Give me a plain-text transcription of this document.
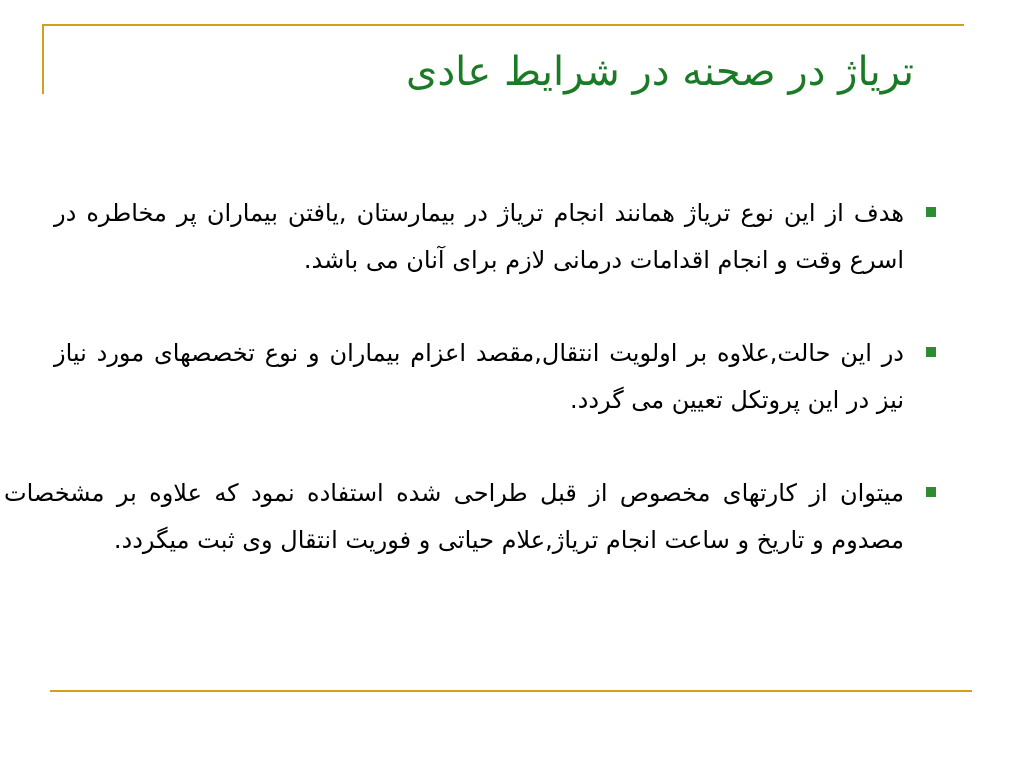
تریاژ در صحنه در شرایط عادی
هدف از این نوع تریاژ همانند انجام تریاژ در بیمارستان ,یافتن بیماران پر مخاطره در اسرع وقت و انجام اقدامات درمانی لازم برای آنان می باشد.
در این حالت,علاوه بر اولویت انتقال,مقصد اعزام بیماران و نوع تخصصهای مورد نیاز نیز در این پروتکل تعیین می گردد.
میتوان از کارتهای مخصوص از قبل طراحی شده استفاده نمود که علاوه بر مشخصات مصدوم و تاریخ و ساعت انجام تریاژ,علام حیاتی و فوریت انتقال وی ثبت میگردد.
